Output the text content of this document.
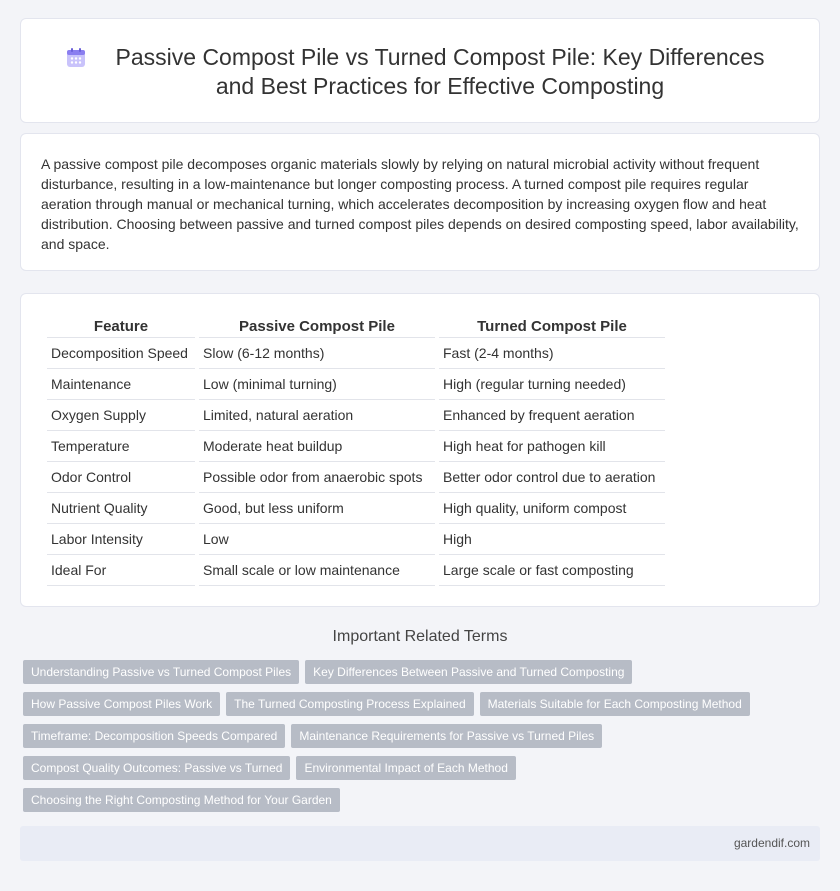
Passive Compost Pile vs Turned Compost Pile: Key Differences and Best Practices for Effective Composting

A passive compost pile decomposes organic materials slowly by relying on natural microbial activity without frequent disturbance, resulting in a low-maintenance but longer composting process. A turned compost pile requires regular aeration through manual or mechanical turning, which accelerates decomposition by increasing oxygen flow and heat distribution. Choosing between passive and turned compost piles depends on desired composting speed, labor availability, and space.

Feature	Passive Compost Pile	Turned Compost Pile
Decomposition Speed	Slow (6-12 months)	Fast (2-4 months)
Maintenance	Low (minimal turning)	High (regular turning needed)
Oxygen Supply	Limited, natural aeration	Enhanced by frequent aeration
Temperature	Moderate heat buildup	High heat for pathogen kill
Odor Control	Possible odor from anaerobic spots	Better odor control due to aeration
Nutrient Quality	Good, but less uniform	High quality, uniform compost
Labor Intensity	Low	High
Ideal For	Small scale or low maintenance	Large scale or fast composting
Important Related Terms
Understanding Passive vs Turned Compost Piles Key Differences Between Passive and Turned Composting
How Passive Compost Piles Work The Turned Composting Process Explained Materials Suitable for Each Composting Method
Timeframe: Decomposition Speeds Compared Maintenance Requirements for Passive vs Turned Piles
Compost Quality Outcomes: Passive vs Turned Environmental Impact of Each Method
Choosing the Right Composting Method for Your Garden
gardendif.com
